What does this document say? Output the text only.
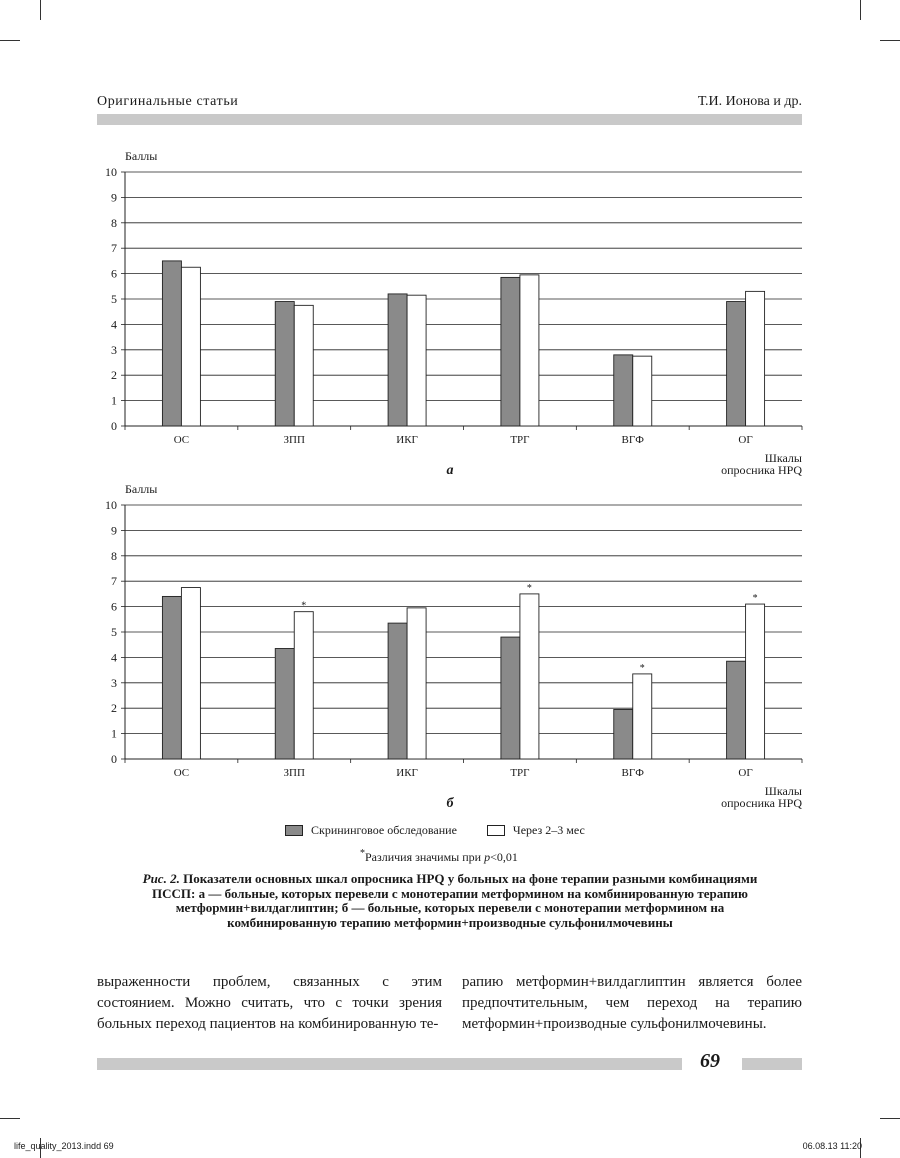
Оригинальные статьи	Т.И. Ионова и др.
Баллы
0
1
2
3
4
5
6
7
8
9
10
ОС	ЗПП	ИКГ	ТРГ	ВГФ	ОГ
Шкалы
опросника HPQ
а
Баллы
0
1
2
3
4
5
6
7
8
9
10
ОС	ЗПП
*
ИКГ	ТРГ
*
ВГФ
*
ОГ
*
Шкалы
опросника HPQ
б
Скрининговое обследование	Через 2–3 мес
*Различия значимы при p<0,01
Рис. 2. Показатели основных шкал опросника HPQ у больных на фоне терапии разными комбинациями ПССП: а — больные, которых перевели с монотерапии метформином на комбинированную терапию метформин+вилдаглиптин; б — больные, которых перевели с монотерапии метформином на комбинированную терапию метформин+производные сульфонилмочевины
выраженности проблем, связанных с этим состоянием. Можно считать, что с точки зрения больных переход пациентов на комбинированную те-
рапию метформин+вилдаглиптин является более предпочтительным, чем переход на терапию метформин+производные сульфонилмочевины.
69
life_quality_2013.indd 69	06.08.13 11:20
